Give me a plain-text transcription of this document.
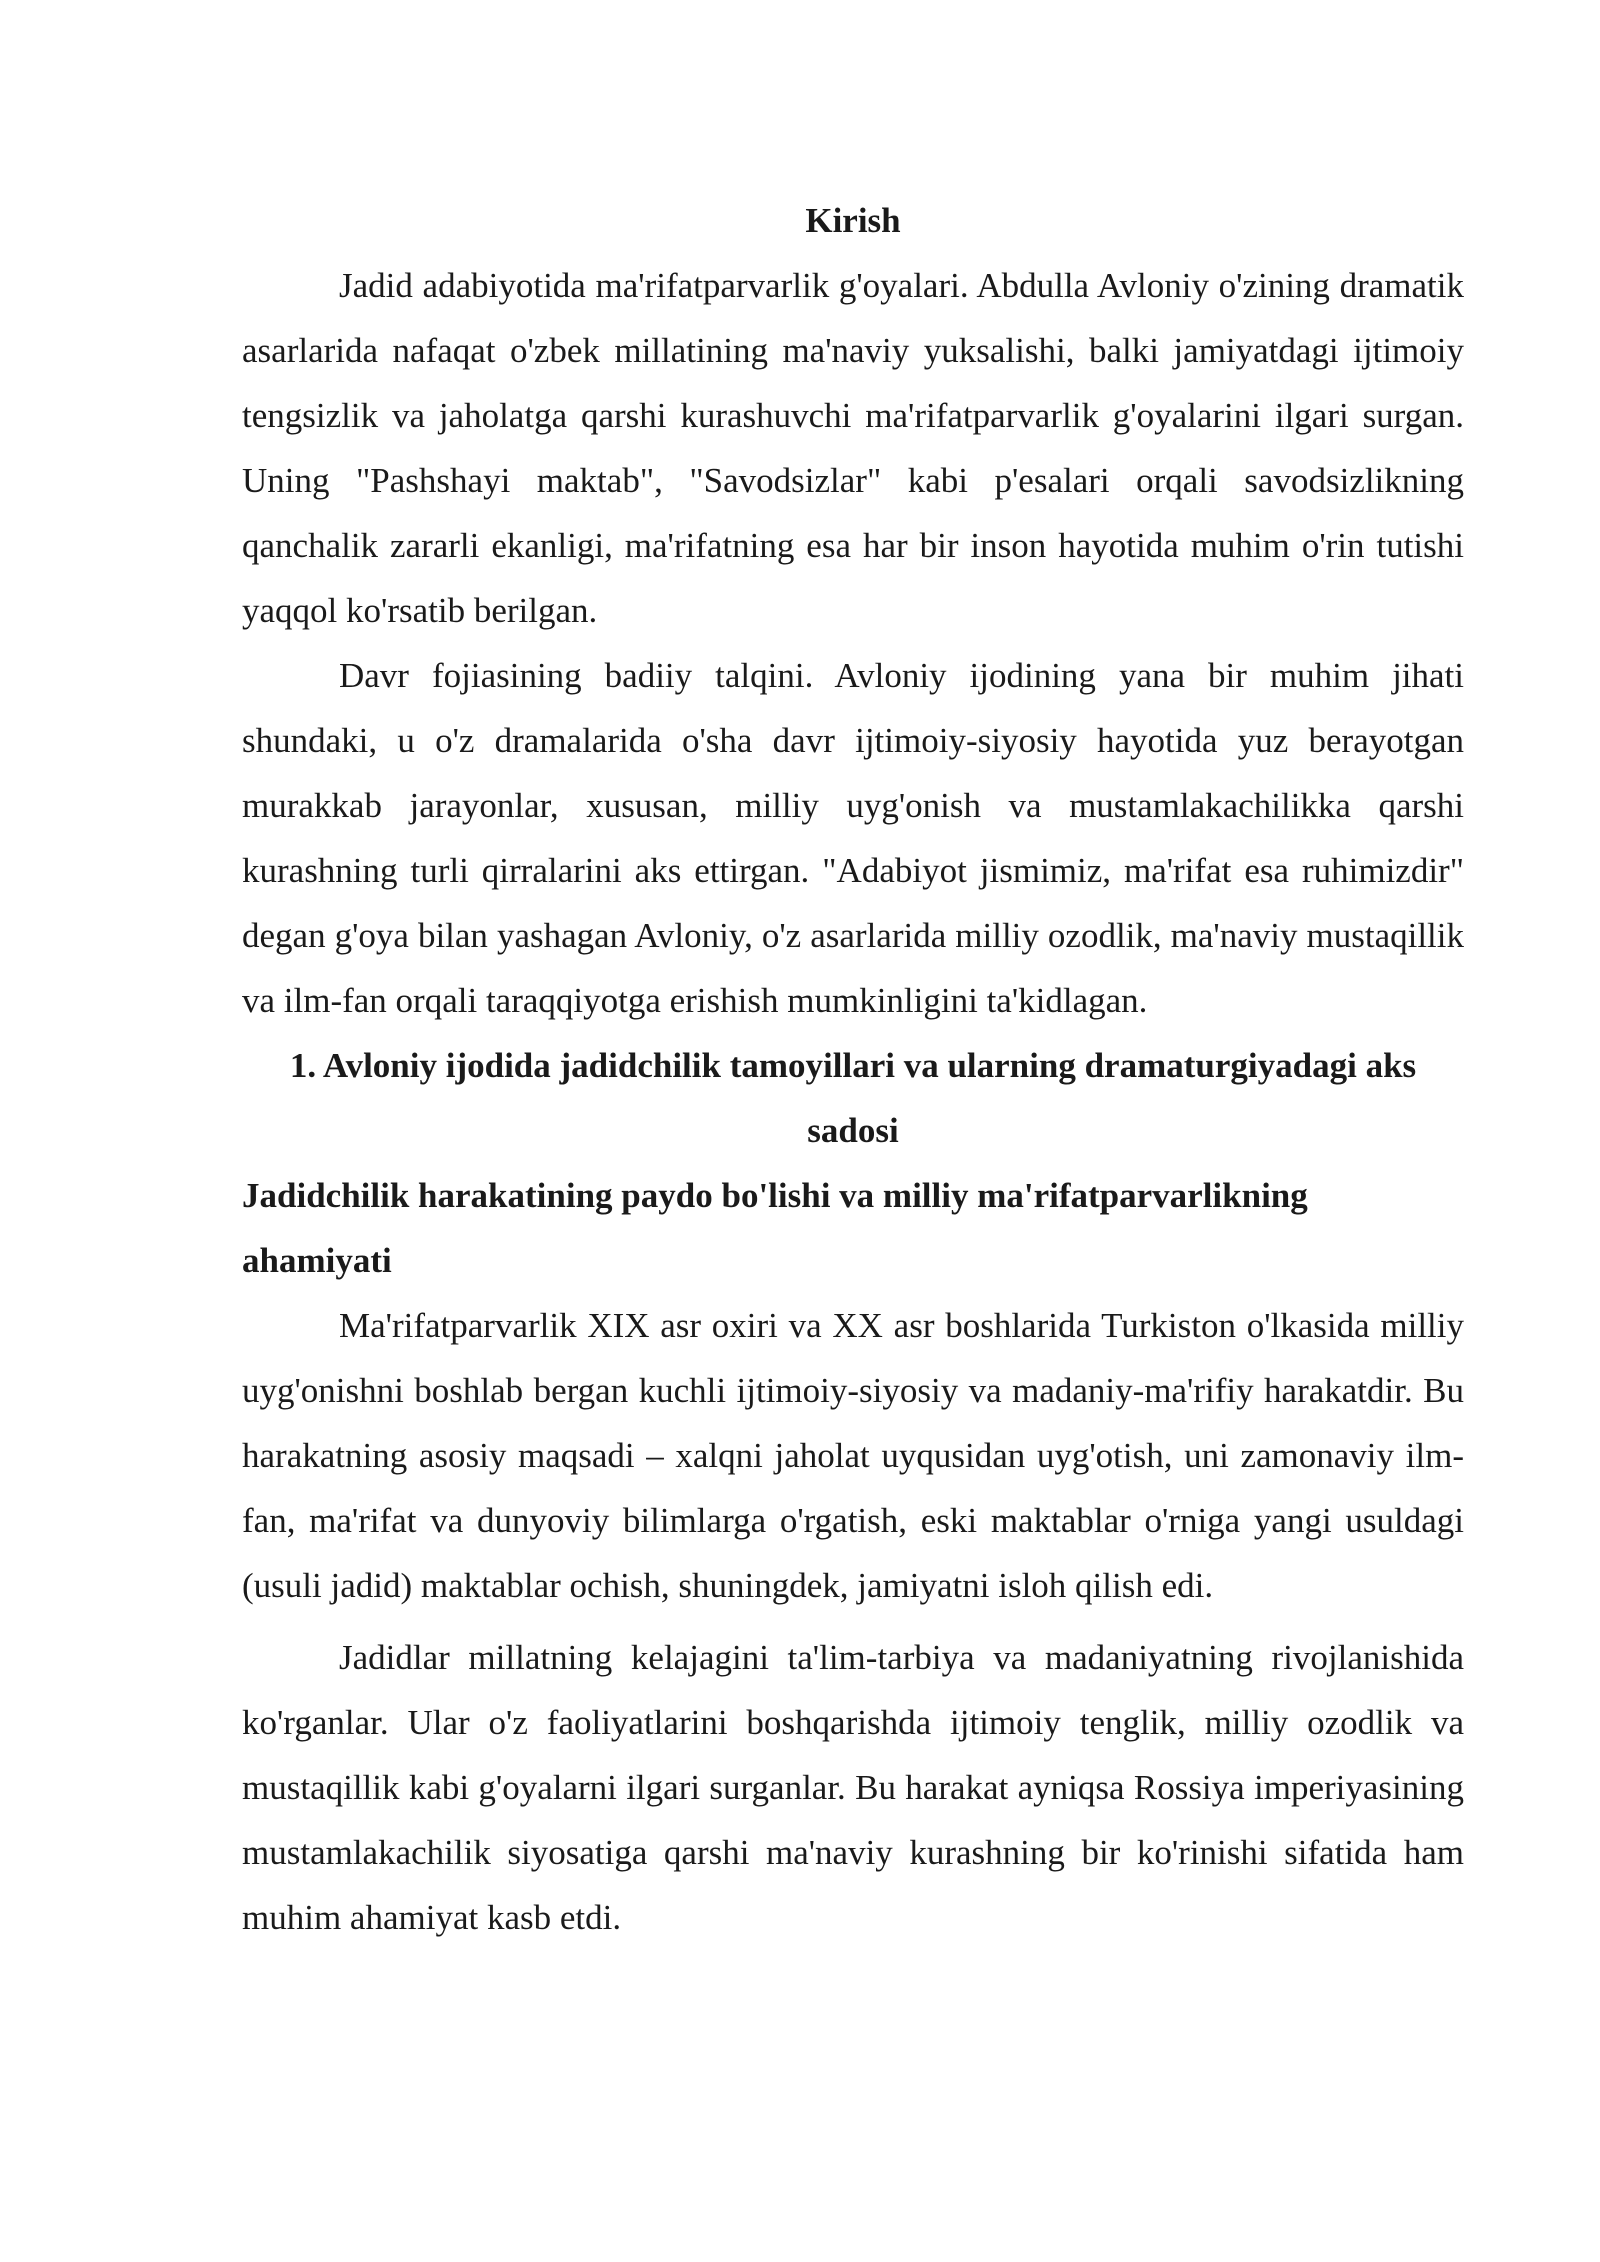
Kirish

Jadid adabiyotida ma'rifatparvarlik g'oyalari. Abdulla Avloniy o'zining dramatik asarlarida nafaqat o'zbek millatining ma'naviy yuksalishi, balki jamiyatdagi ijtimoiy tengsizlik va jaholatga qarshi kurashuvchi ma'rifatparvarlik g'oyalarini ilgari surgan. Uning "Pashshayi maktab", "Savodsizlar" kabi p'esalari orqali savodsizlikning qanchalik zararli ekanligi, ma'rifatning esa har bir inson hayotida muhim o'rin tutishi yaqqol ko'rsatib berilgan.

Davr fojiasining badiiy talqini. Avloniy ijodining yana bir muhim jihati shundaki, u o'z dramalarida o'sha davr ijtimoiy-siyosiy hayotida yuz berayotgan murakkab jarayonlar, xususan, milliy uyg'onish va mustamlakachilikka qarshi kurashning turli qirralarini aks ettirgan. "Adabiyot jismimiz, ma'rifat esa ruhimizdir" degan g'oya bilan yashagan Avloniy, o'z asarlarida milliy ozodlik, ma'naviy mustaqillik va ilm-fan orqali taraqqiyotga erishish mumkinligini ta'kidlagan.

1. Avloniy ijodida jadidchilik tamoyillari va ularning dramaturgiyadagi aks sadosi

Jadidchilik harakatining paydo bo'lishi va milliy ma'rifatparvarlikning ahamiyati

Ma'rifatparvarlik XIX asr oxiri va XX asr boshlarida Turkiston o'lkasida milliy uyg'onishni boshlab bergan kuchli ijtimoiy-siyosiy va madaniy-ma'rifiy harakatdir. Bu harakatning asosiy maqsadi – xalqni jaholat uyqusidan uyg'otish, uni zamonaviy ilm-fan, ma'rifat va dunyoviy bilimlarga o'rgatish, eski maktablar o'rniga yangi usuldagi (usuli jadid) maktablar ochish, shuningdek, jamiyatni isloh qilish edi.

Jadidlar millatning kelajagini ta'lim-tarbiya va madaniyatning rivojlanishida ko'rganlar. Ular o'z faoliyatlarini boshqarishda ijtimoiy tenglik, milliy ozodlik va mustaqillik kabi g'oyalarni ilgari surganlar. Bu harakat ayniqsa Rossiya imperiyasining mustamlakachilik siyosatiga qarshi ma'naviy kurashning bir ko'rinishi sifatida ham muhim ahamiyat kasb etdi.
